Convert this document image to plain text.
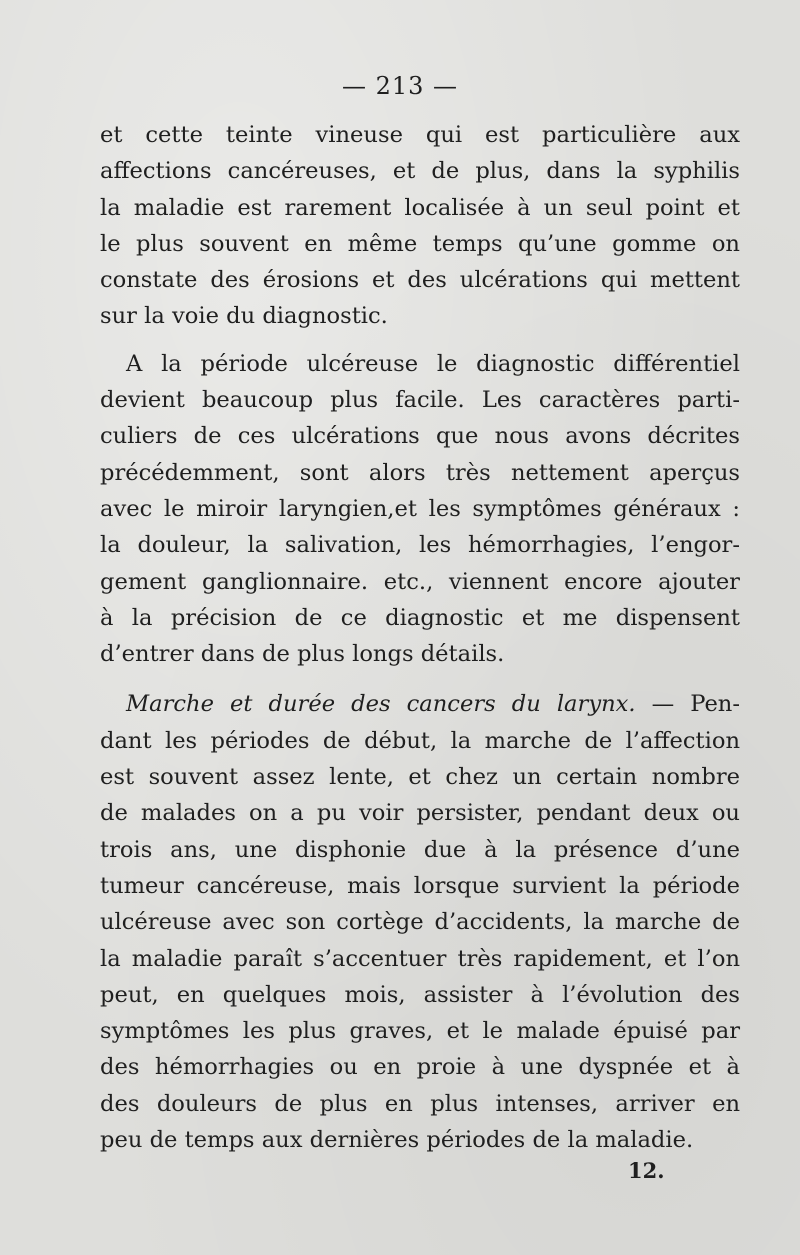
— 213 —
et cette teinte vineuse qui est particulière aux
affections cancéreuses, et de plus, dans la syphilis
la maladie est rarement localisée à un seul point et
le plus souvent en même temps qu’une gomme on
constate des érosions et des ulcérations qui mettent
sur la voie du diagnostic.
A la période ulcéreuse le diagnostic différentiel
devient beaucoup plus facile. Les caractères parti-
culiers de ces ulcérations que nous avons décrites
précédemment, sont alors très nettement aperçus
avec le miroir laryngien,et les symptômes généraux :
la douleur, la salivation, les hémorrhagies, l’engor-
gement ganglionnaire. etc., viennent encore ajouter
à la précision de ce diagnostic et me dispensent
d’entrer dans de plus longs détails.
Marche et durée des cancers du larynx. — Pen-
dant les périodes de début, la marche de l’affection
est souvent assez lente, et chez un certain nombre
de malades on a pu voir persister, pendant deux ou
trois ans, une disphonie due à la présence d’une
tumeur cancéreuse, mais lorsque survient la période
ulcéreuse avec son cortège d’accidents, la marche de
la maladie paraît s’accentuer très rapidement, et l’on
peut, en quelques mois, assister à l’évolution des
symptômes les plus graves, et le malade épuisé par
des hémorrhagies ou en proie à une dyspnée et à
des douleurs de plus en plus intenses, arriver en
peu de temps aux dernières périodes de la maladie.
12.
